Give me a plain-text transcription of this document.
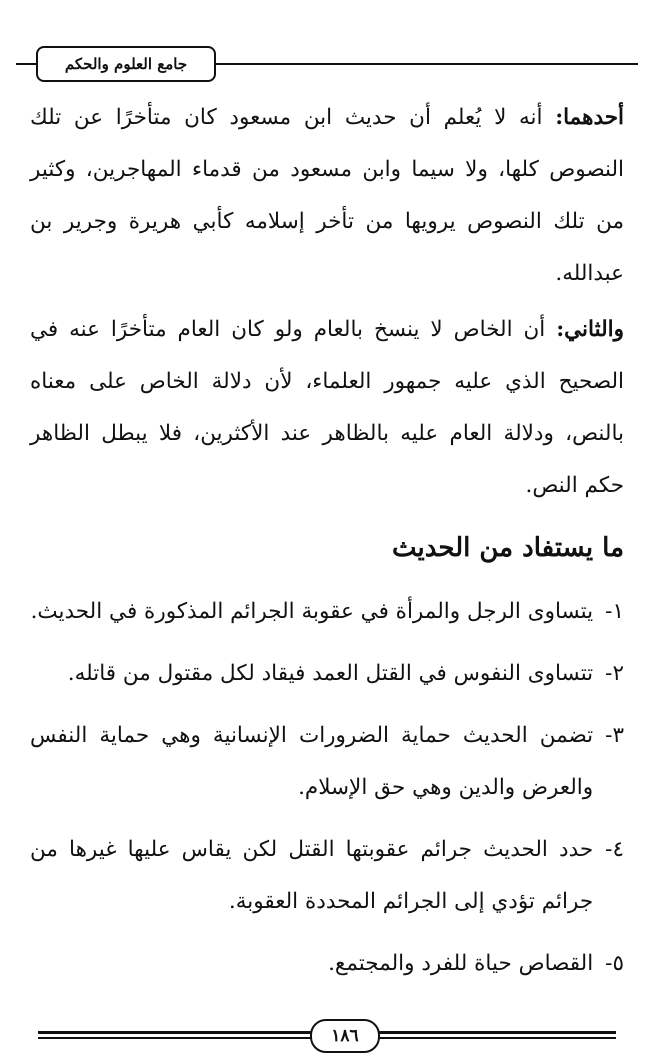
جامع العلوم والحكم

أحدهما: أنه لا يُعلم أن حديث ابن مسعود كان متأخرًا عن تلك النصوص كلها، ولا سيما وابن مسعود من قدماء المهاجرين، وكثير من تلك النصوص يرويها من تأخر إسلامه كأبي هريرة وجرير بن عبدالله.

والثاني: أن الخاص لا ينسخ بالعام ولو كان العام متأخرًا عنه في الصحيح الذي عليه جمهور العلماء، لأن دلالة الخاص على معناه بالنص، ودلالة العام عليه بالظاهر عند الأكثرين، فلا يبطل الظاهر حكم النص.

ما يستفاد من الحديث
١-
يتساوى الرجل والمرأة في عقوبة الجرائم المذكورة في الحديث.
٢-
تتساوى النفوس في القتل العمد فيقاد لكل مقتول من قاتله.
٣-
تضمن الحديث حماية الضرورات الإنسانية وهي حماية النفس والعرض والدين وهي حق الإسلام.
٤-
حدد الحديث جرائم عقوبتها القتل لكن يقاس عليها غيرها من جرائم تؤدي إلى الجرائم المحددة العقوبة.
٥-
القصاص حياة للفرد والمجتمع.
١٨٦
